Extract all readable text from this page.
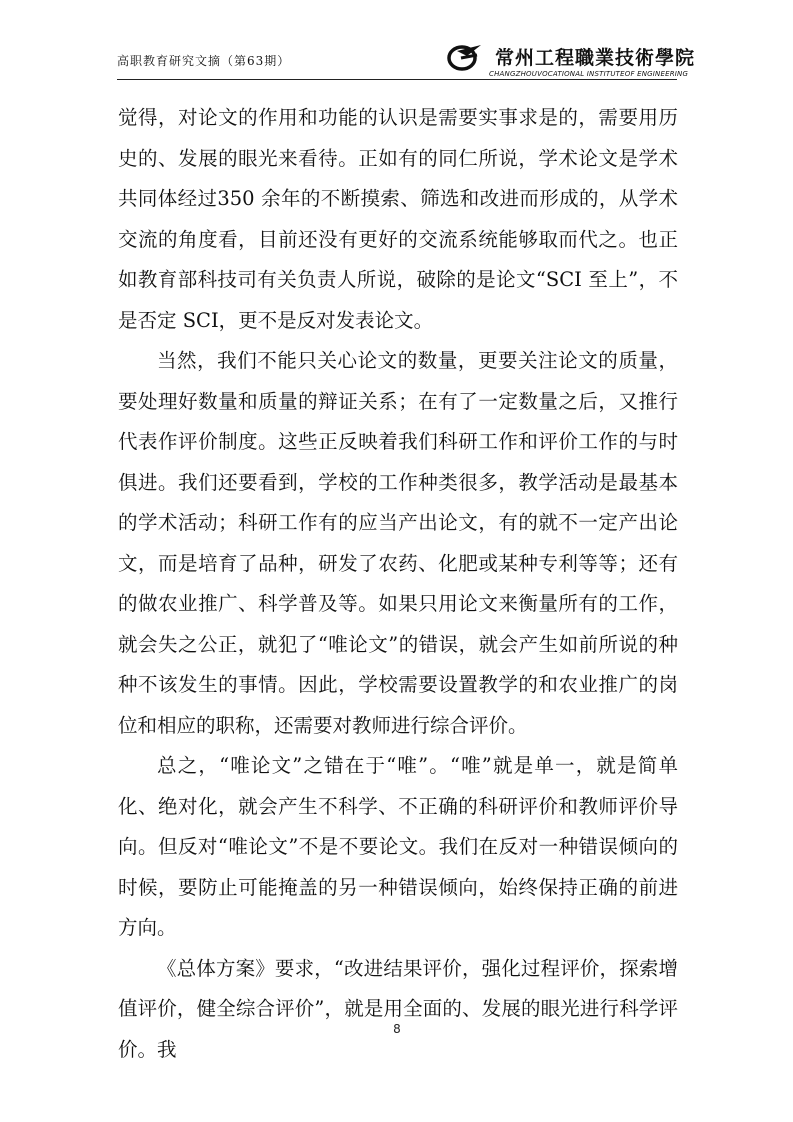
高职教育研究文摘（第63期）	常州工程職業技術學院
CHANGZHOUVOCATIONAL INSTITUTEOF ENGINEERING

觉得，对论文的作用和功能的认识是需要实事求是的，需要用历史的、发展的眼光来看待。正如有的同仁所说，学术论文是学术共同体经过350 余年的不断摸索、筛选和改进而形成的，从学术交流的角度看，目前还没有更好的交流系统能够取而代之。也正如教育部科技司有关负责人所说，破除的是论文“SCI 至上”，不是否定 SCI，更不是反对发表论文。

当然，我们不能只关心论文的数量，更要关注论文的质量，要处理好数量和质量的辩证关系；在有了一定数量之后，又推行代表作评价制度。这些正反映着我们科研工作和评价工作的与时俱进。我们还要看到，学校的工作种类很多，教学活动是最基本的学术活动；科研工作有的应当产出论文，有的就不一定产出论文，而是培育了品种，研发了农药、化肥或某种专利等等；还有的做农业推广、科学普及等。如果只用论文来衡量所有的工作，就会失之公正，就犯了“唯论文”的错误，就会产生如前所说的种种不该发生的事情。因此，学校需要设置教学的和农业推广的岗位和相应的职称，还需要对教师进行综合评价。

总之，“唯论文”之错在于“唯”。“唯”就是单一，就是简单化、绝对化，就会产生不科学、不正确的科研评价和教师评价导向。但反对“唯论文”不是不要论文。我们在反对一种错误倾向的时候，要防止可能掩盖的另一种错误倾向，始终保持正确的前进方向。

《总体方案》要求，“改进结果评价，强化过程评价，探索增值评价，健全综合评价”，就是用全面的、发展的眼光进行科学评价。我

8
